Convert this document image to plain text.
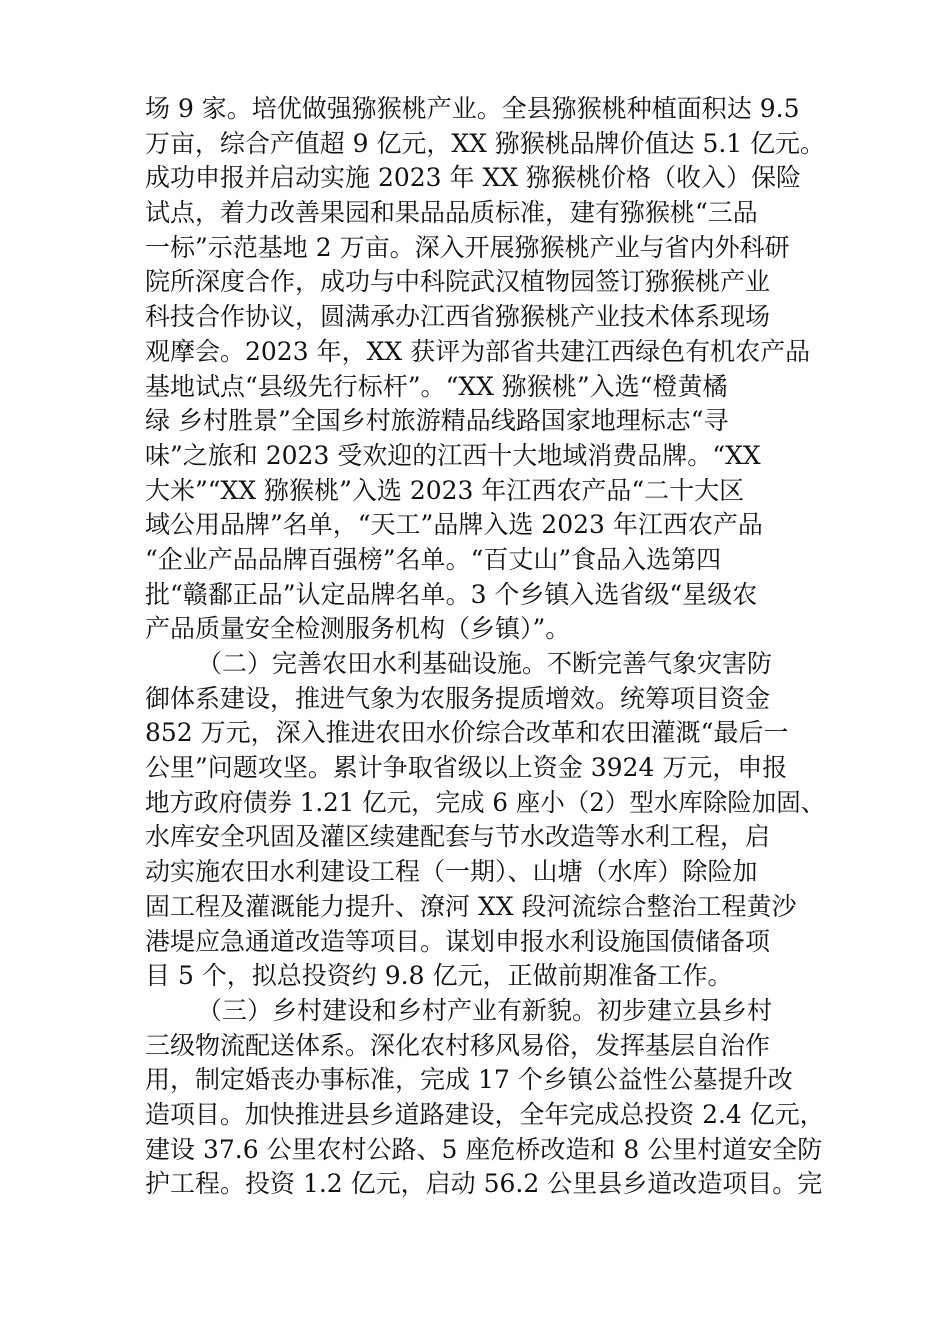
场 9 家。培优做强猕猴桃产业。全县猕猴桃种植面积达 9.5
万亩，综合产值超 9 亿元，XX 猕猴桃品牌价值达 5.1 亿元。
成功申报并启动实施 2023 年 XX 猕猴桃价格（收入）保险
试点，着力改善果园和果品品质标准，建有猕猴桃“三品
一标”示范基地 2 万亩。深入开展猕猴桃产业与省内外科研
院所深度合作，成功与中科院武汉植物园签订猕猴桃产业
科技合作协议，圆满承办江西省猕猴桃产业技术体系现场
观摩会。2023 年，XX 获评为部省共建江西绿色有机农产品
基地试点“县级先行标杆”。“XX 猕猴桃”入选“橙黄橘
绿 乡村胜景”全国乡村旅游精品线路国家地理标志“寻
味”之旅和 2023 受欢迎的江西十大地域消费品牌。“XX
大米”“XX 猕猴桃”入选 2023 年江西农产品“二十大区
域公用品牌”名单，“天工”品牌入选 2023 年江西农产品
“企业产品品牌百强榜”名单。“百丈山”食品入选第四
批“赣鄱正品”认定品牌名单。3 个乡镇入选省级“星级农
产品质量安全检测服务机构（乡镇）”。
（二）完善农田水利基础设施。不断完善气象灾害防
御体系建设，推进气象为农服务提质增效。统筹项目资金
852 万元，深入推进农田水价综合改革和农田灌溉“最后一
公里”问题攻坚。累计争取省级以上资金 3924 万元，申报
地方政府债券 1.21 亿元，完成 6 座小（2）型水库除险加固、
水库安全巩固及灌区续建配套与节水改造等水利工程，启
动实施农田水利建设工程（一期）、山塘（水库）除险加
固工程及灌溉能力提升、潦河 XX 段河流综合整治工程黄沙
港堤应急通道改造等项目。谋划申报水利设施国债储备项
目 5 个，拟总投资约 9.8 亿元，正做前期准备工作。
（三）乡村建设和乡村产业有新貌。初步建立县乡村
三级物流配送体系。深化农村移风易俗，发挥基层自治作
用，制定婚丧办事标准，完成 17 个乡镇公益性公墓提升改
造项目。加快推进县乡道路建设，全年完成总投资 2.4 亿元，
建设 37.6 公里农村公路、5 座危桥改造和 8 公里村道安全防
护工程。投资 1.2 亿元，启动 56.2 公里县乡道改造项目。完
